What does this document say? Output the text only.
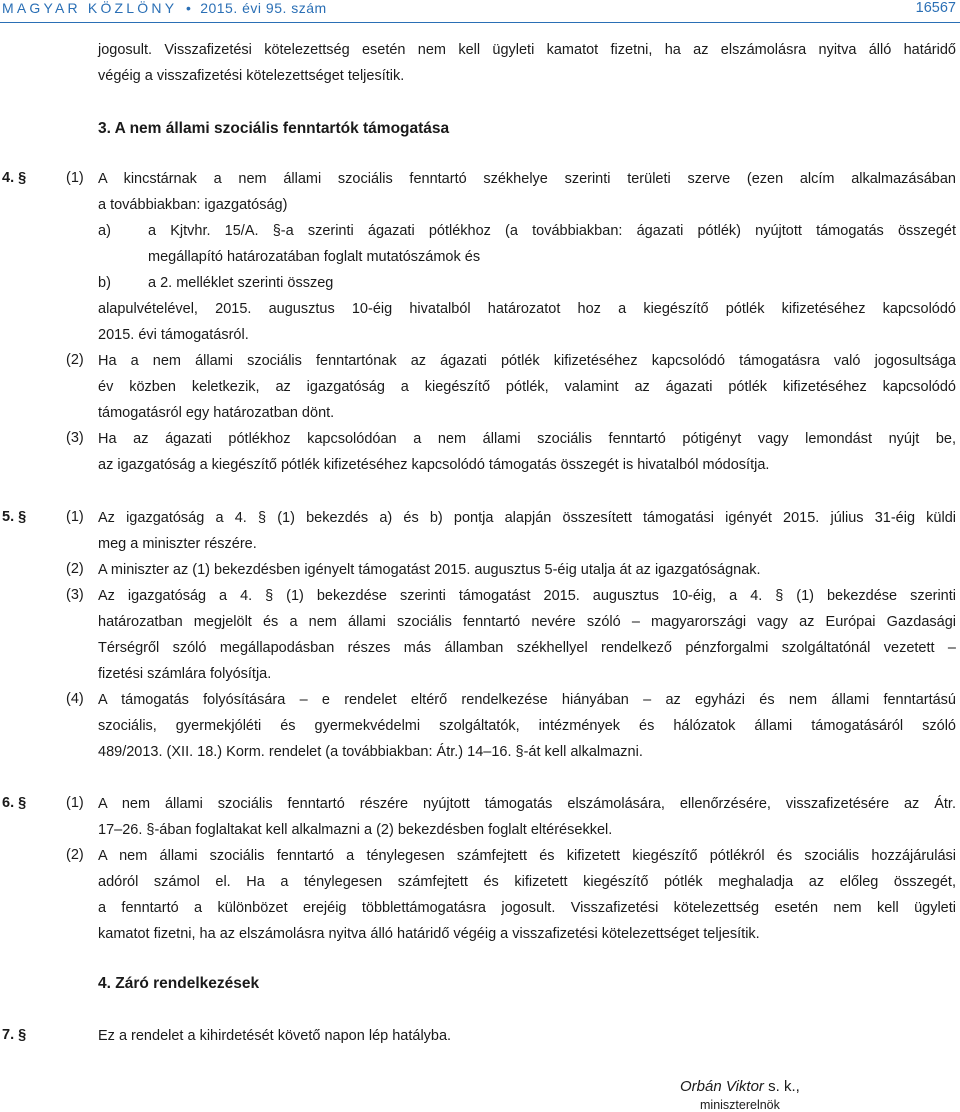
MAGYAR KÖZLÖNY • 2015. évi 95. szám	16567
jogosult. Visszafizetési kötelezettség esetén nem kell ügyleti kamatot fizetni, ha az elszámolásra nyitva álló határidő
végéig a visszafizetési kötelezettséget teljesítik.
3. A nem állami szociális fenntartók támogatása
4. §	(1) A kincstárnak a nem állami szociális fenntartó székhelye szerinti területi szerve (ezen alcím alkalmazásában
a továbbiakban: igazgatóság)
a)	a Kjtvhr. 15/A. §-a szerinti ágazati pótlékhoz (a továbbiakban: ágazati pótlék) nyújtott támogatás összegét
megállapító határozatában foglalt mutatószámok és
b)	a 2. melléklet szerinti összeg
alapulvételével, 2015. augusztus 10-éig hivatalból határozatot hoz a kiegészítő pótlék kifizetéséhez kapcsolódó
2015. évi támogatásról.
(2) Ha a nem állami szociális fenntartónak az ágazati pótlék kifizetéséhez kapcsolódó támogatásra való jogosultsága
év közben keletkezik, az igazgatóság a kiegészítő pótlék, valamint az ágazati pótlék kifizetéséhez kapcsolódó
támogatásról egy határozatban dönt.
(3) Ha az ágazati pótlékhoz kapcsolódóan a nem állami szociális fenntartó pótigényt vagy lemondást nyújt be,
az igazgatóság a kiegészítő pótlék kifizetéséhez kapcsolódó támogatás összegét is hivatalból módosítja.
5. §	(1) Az igazgatóság a 4. § (1) bekezdés a) és b) pontja alapján összesített támogatási igényét 2015. július 31-éig küldi
meg a miniszter részére.
(2) A miniszter az (1) bekezdésben igényelt támogatást 2015. augusztus 5-éig utalja át az igazgatóságnak.
(3) Az igazgatóság a 4. § (1) bekezdése szerinti támogatást 2015. augusztus 10-éig, a 4. § (1) bekezdése szerinti
határozatban megjelölt és a nem állami szociális fenntartó nevére szóló – magyarországi vagy az Európai Gazdasági
Térségről szóló megállapodásban részes más államban székhellyel rendelkező pénzforgalmi szolgáltatónál vezetett –
fizetési számlára folyósítja.
(4) A támogatás folyósítására – e rendelet eltérő rendelkezése hiányában – az egyházi és nem állami fenntartású
szociális, gyermekjóléti és gyermekvédelmi szolgáltatók, intézmények és hálózatok állami támogatásáról szóló
489/2013. (XII. 18.) Korm. rendelet (a továbbiakban: Átr.) 14–16. §-át kell alkalmazni.
6. §	(1) A nem állami szociális fenntartó részére nyújtott támogatás elszámolására, ellenőrzésére, visszafizetésére az Átr.
17–26. §-ában foglaltakat kell alkalmazni a (2) bekezdésben foglalt eltérésekkel.
(2) A nem állami szociális fenntartó a ténylegesen számfejtett és kifizetett kiegészítő pótlékról és szociális hozzájárulási
adóról számol el. Ha a ténylegesen számfejtett és kifizetett kiegészítő pótlék meghaladja az előleg összegét,
a fenntartó a különbözet erejéig többlettámogatásra jogosult. Visszafizetési kötelezettség esetén nem kell ügyleti
kamatot fizetni, ha az elszámolásra nyitva álló határidő végéig a visszafizetési kötelezettséget teljesítik.
4. Záró rendelkezések
7. §	Ez a rendelet a kihirdetését követő napon lép hatályba.
Orbán Viktor s. k.,
miniszterelnök
